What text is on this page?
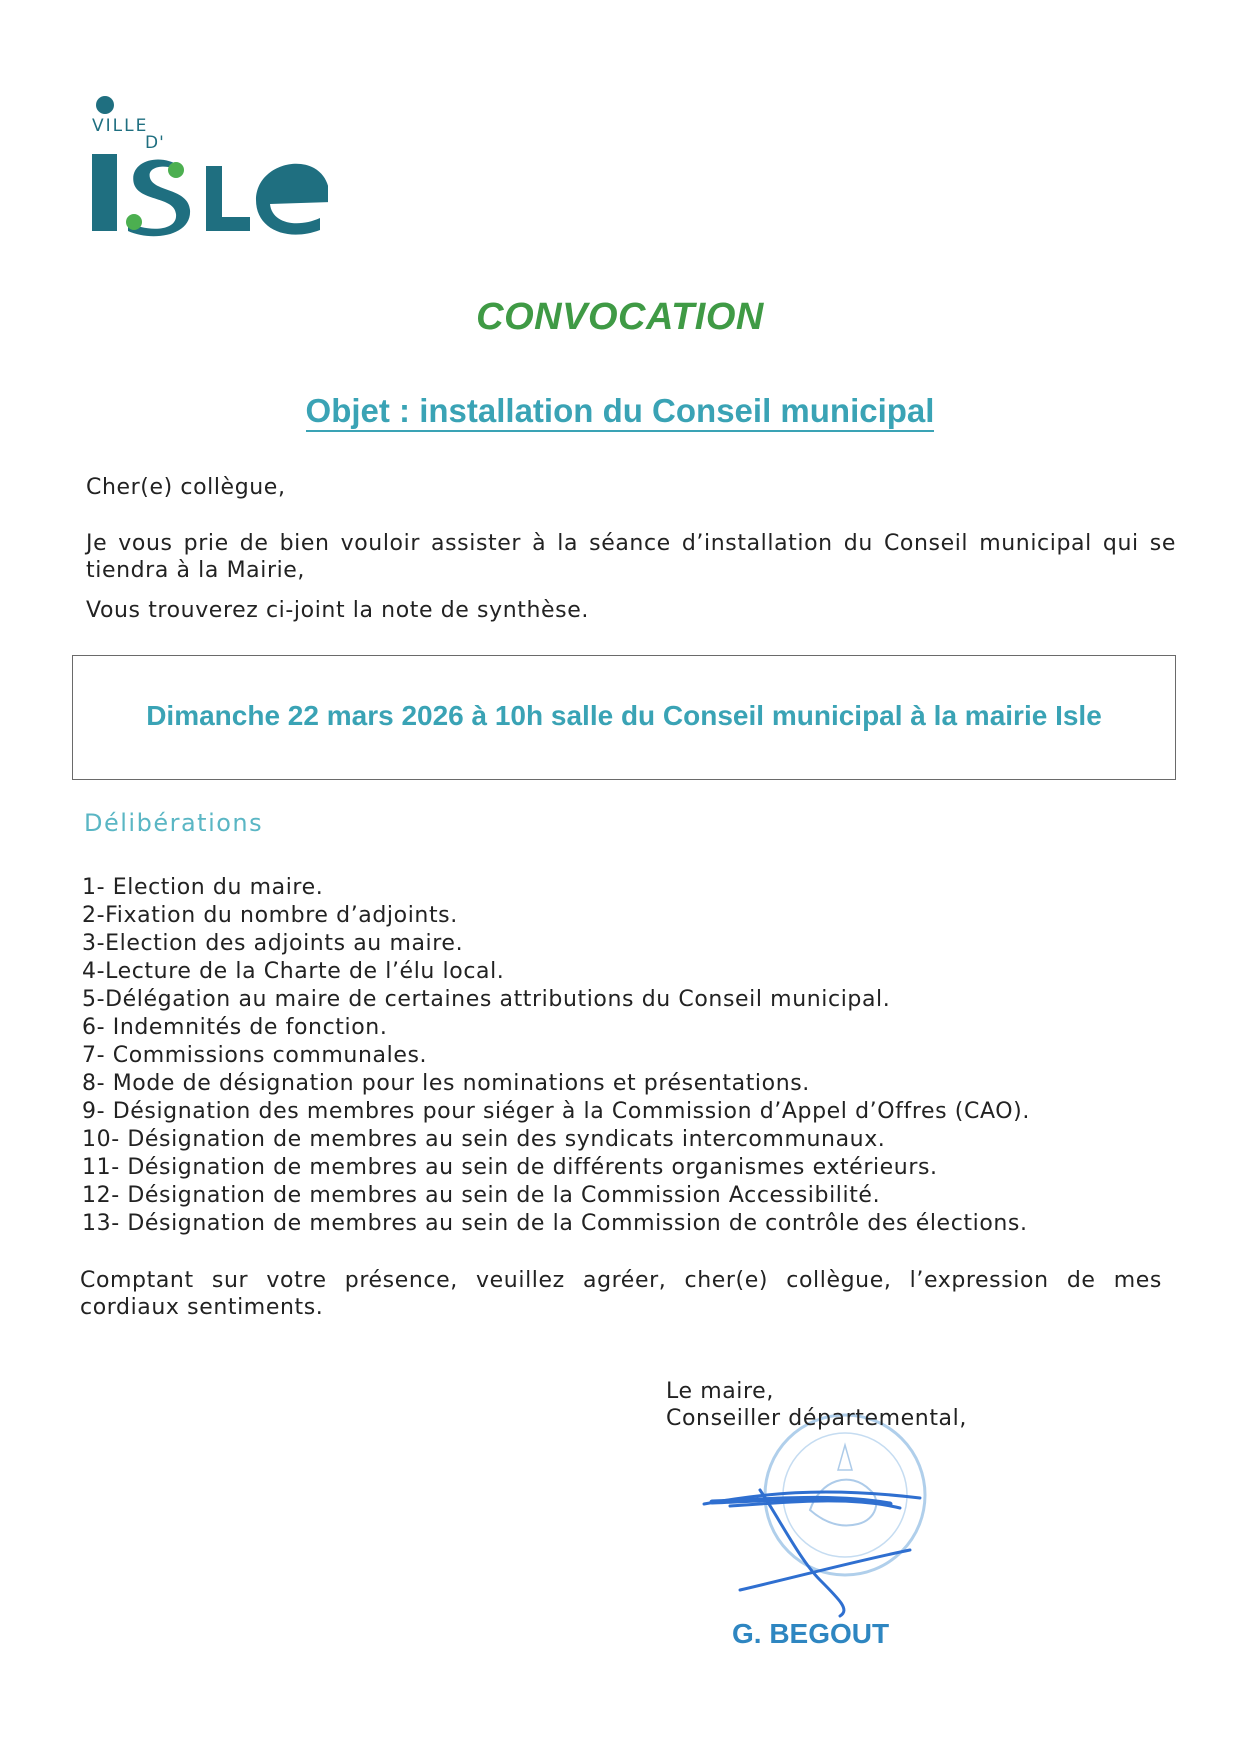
VILLE
D'
CONVOCATION
Objet : installation du Conseil municipal
Cher(e) collègue,
Je vous prie de bien vouloir assister à la séance d’installation du Conseil municipal qui se tiendra à la Mairie,
Vous trouverez ci-joint la note de synthèse.
Dimanche 22 mars 2026 à 10h salle du Conseil municipal à la mairie Isle
Délibérations
1- Election du maire.
2-Fixation du nombre d’adjoints.
3-Election des adjoints au maire.
4-Lecture de la Charte de l’élu local.
5-Délégation au maire de certaines attributions du Conseil municipal.
6- Indemnités de fonction.
7- Commissions communales.
8- Mode de désignation pour les nominations et présentations.
9- Désignation des membres pour siéger à la Commission d’Appel d’Offres (CAO).
10- Désignation de membres au sein des syndicats intercommunaux.
11- Désignation de membres au sein de différents organismes extérieurs.
12- Désignation de membres au sein de la Commission Accessibilité.
13- Désignation de membres au sein de la Commission de contrôle des élections.
Comptant sur votre présence, veuillez agréer, cher(e) collègue, l’expression de mes cordiaux sentiments.
Le maire,
Conseiller départemental,
G. BEGOUT
